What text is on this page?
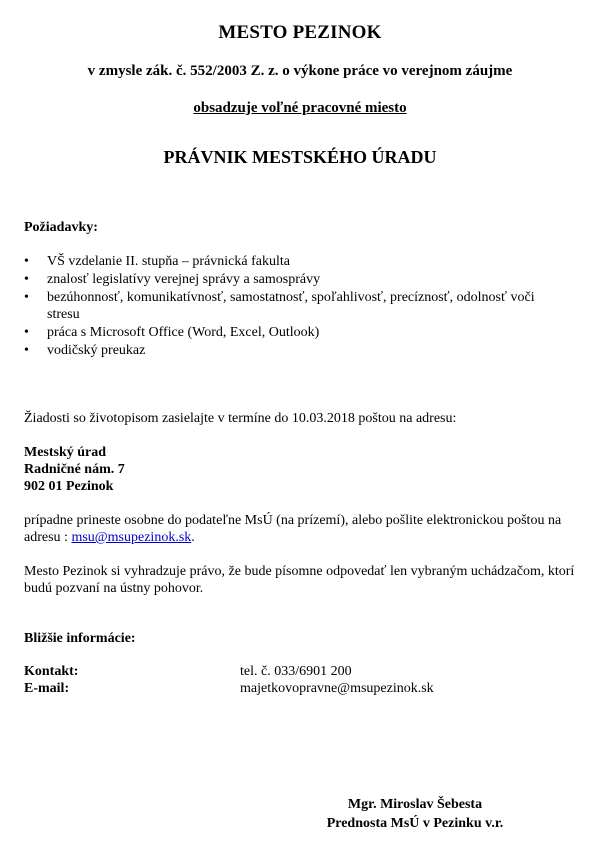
MESTO PEZINOK

v zmysle zák. č. 552/2003 Z. z. o výkone práce vo verejnom záujme

obsadzuje voľné pracovné miesto

PRÁVNIK MESTSKÉHO ÚRADU

Požiadavky:

• VŠ vzdelanie II. stupňa – právnická fakulta
• znalosť legislatívy verejnej správy a samosprávy
• bezúhonnosť, komunikatívnosť, samostatnosť, spoľahlivosť, precíznosť, odolnosť voči stresu
• práca s Microsoft Office (Word, Excel, Outlook)
• vodičský preukaz

Žiadosti so životopisom zasielajte v termíne do 10.03.2018 poštou na adresu:

Mestský úrad
Radničné nám. 7
902 01 Pezinok

prípadne prineste osobne do podateľne MsÚ (na prízemí), alebo pošlite elektronickou poštou na adresu : msu@msupezinok.sk.

Mesto Pezinok si vyhradzuje právo, že bude písomne odpovedať len vybraným uchádzačom, ktorí budú pozvaní na ústny pohovor.

Bližšie informácie:

Kontakt:	tel. č. 033/6901 200
E-mail:	majetkovopravne@msupezinok.sk

Mgr. Miroslav Šebesta

Prednosta MsÚ v Pezinku v.r.
